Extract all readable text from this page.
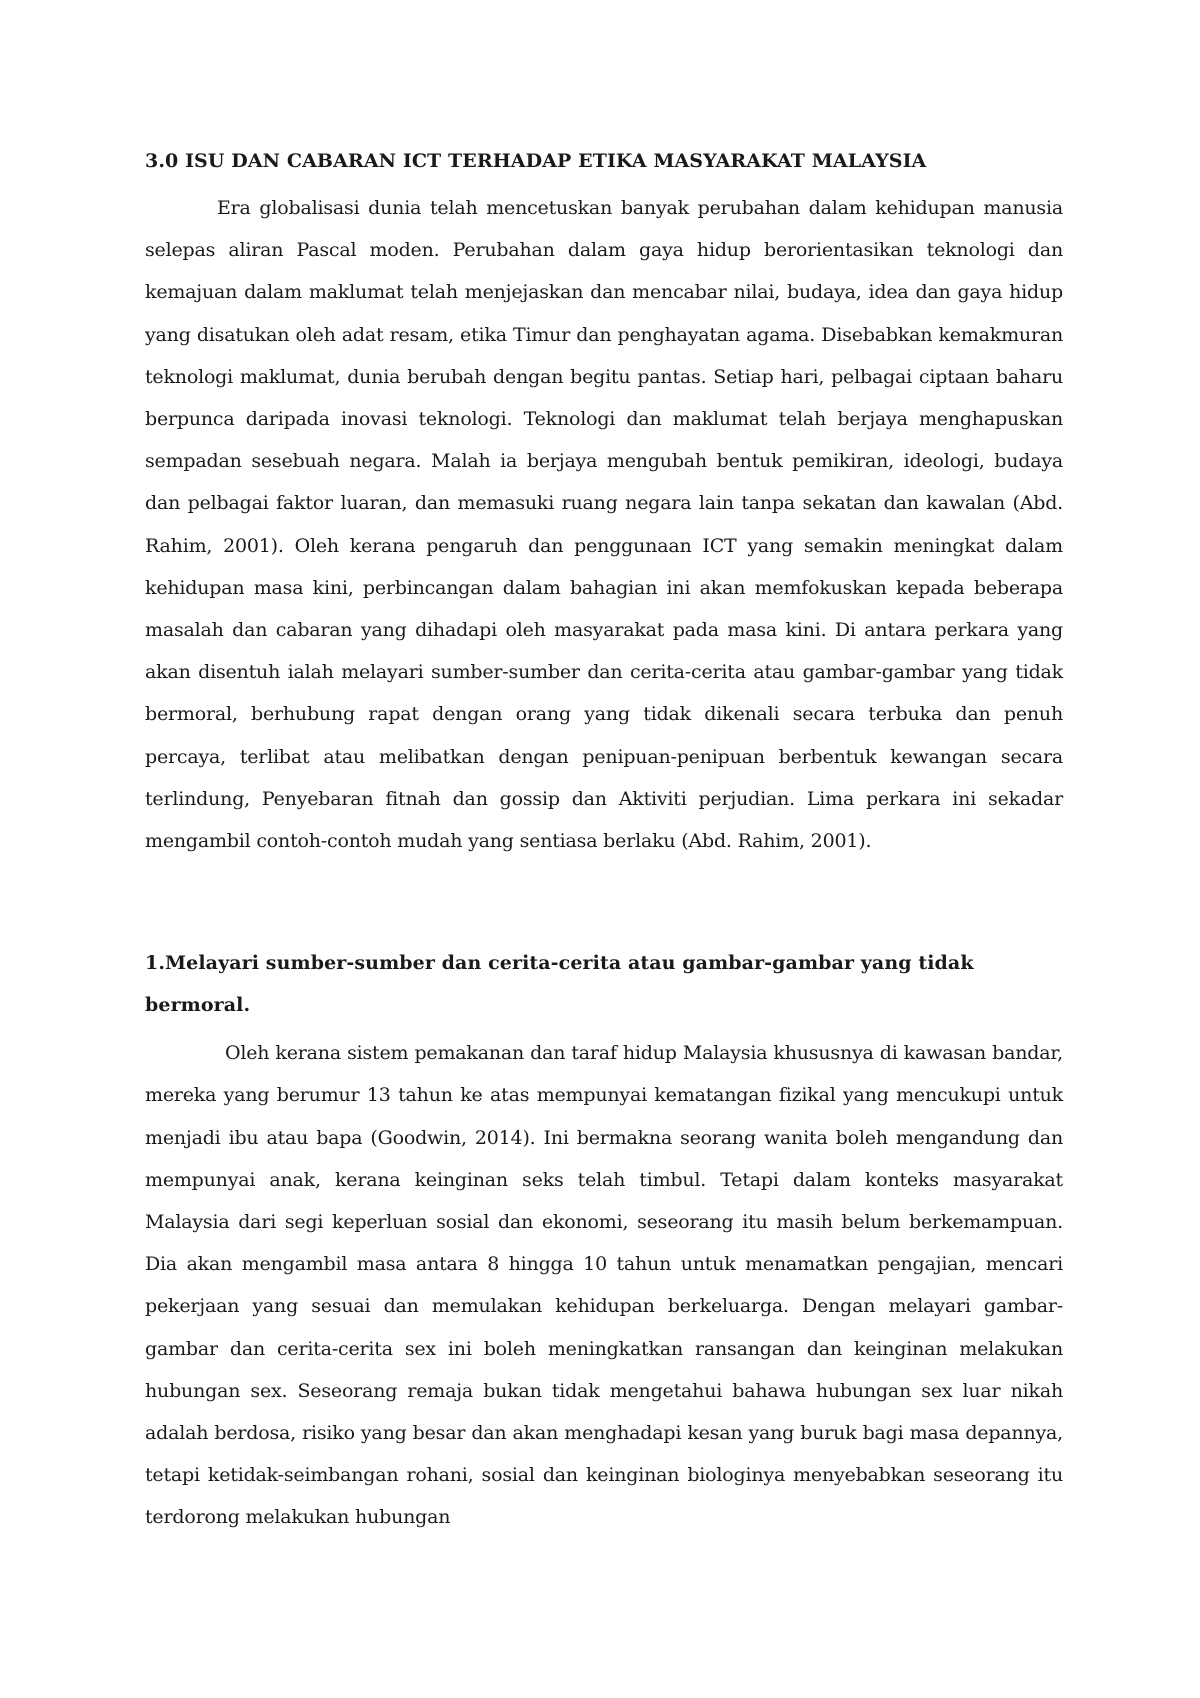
3.0 ISU DAN CABARAN ICT TERHADAP ETIKA MASYARAKAT MALAYSIA

Era globalisasi dunia telah mencetuskan banyak perubahan dalam kehidupan manusia selepas aliran Pascal moden. Perubahan dalam gaya hidup berorientasikan teknologi dan kemajuan dalam maklumat telah menjejaskan dan mencabar nilai, budaya, idea dan gaya hidup yang disatukan oleh adat resam, etika Timur dan penghayatan agama. Disebabkan kemakmuran teknologi maklumat, dunia berubah dengan begitu pantas. Setiap hari, pelbagai ciptaan baharu berpunca daripada inovasi teknologi. Teknologi dan maklumat telah berjaya menghapuskan sempadan sesebuah negara. Malah ia berjaya mengubah bentuk pemikiran, ideologi, budaya dan pelbagai faktor luaran, dan memasuki ruang negara lain tanpa sekatan dan kawalan (Abd. Rahim, 2001). Oleh kerana pengaruh dan penggunaan ICT yang semakin meningkat dalam kehidupan masa kini, perbincangan dalam bahagian ini akan memfokuskan kepada beberapa masalah dan cabaran yang dihadapi oleh masyarakat pada masa kini. Di antara perkara yang akan disentuh ialah melayari sumber-sumber dan cerita-cerita atau gambar-gambar yang tidak bermoral, berhubung rapat dengan orang yang tidak dikenali secara terbuka dan penuh percaya, terlibat atau melibatkan dengan penipuan-penipuan berbentuk kewangan secara terlindung, Penyebaran fitnah dan gossip dan Aktiviti perjudian. Lima perkara ini sekadar mengambil contoh-contoh mudah yang sentiasa berlaku (Abd. Rahim, 2001).

1.Melayari sumber-sumber dan cerita-cerita atau gambar-gambar yang tidak bermoral.

Oleh kerana sistem pemakanan dan taraf hidup Malaysia khususnya di kawasan bandar, mereka yang berumur 13 tahun ke atas mempunyai kematangan fizikal yang mencukupi untuk menjadi ibu atau bapa (Goodwin, 2014). Ini bermakna seorang wanita boleh mengandung dan mempunyai anak, kerana keinginan seks telah timbul. Tetapi dalam konteks masyarakat Malaysia dari segi keperluan sosial dan ekonomi, seseorang itu masih belum berkemampuan. Dia akan mengambil masa antara 8 hingga 10 tahun untuk menamatkan pengajian, mencari pekerjaan yang sesuai dan memulakan kehidupan berkeluarga. Dengan melayari gambar-gambar dan cerita-cerita sex ini boleh meningkatkan ransangan dan keinginan melakukan hubungan sex. Seseorang remaja bukan tidak mengetahui bahawa hubungan sex luar nikah adalah berdosa, risiko yang besar dan akan menghadapi kesan yang buruk bagi masa depannya, tetapi ketidak-seimbangan rohani, sosial dan keinginan biologinya menyebabkan seseorang itu terdorong melakukan hubungan
